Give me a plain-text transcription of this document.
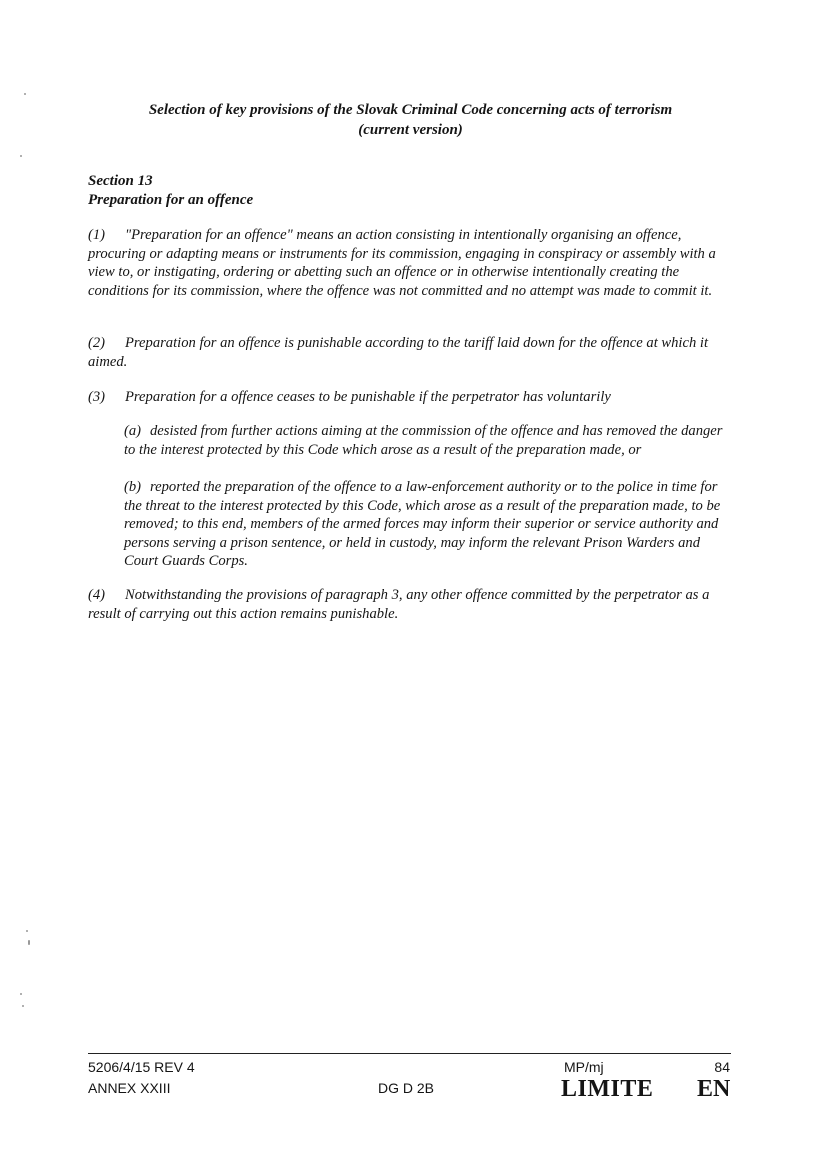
Selection of key provisions of the Slovak Criminal Code concerning acts of terrorism
(current version)
Section 13
Preparation for an offence

(1) "Preparation for an offence" means an action consisting in intentionally organising an offence, procuring or adapting means or instruments for its commission, engaging in conspiracy or assembly with a view to, or instigating, ordering or abetting such an offence or in otherwise intentionally creating the conditions for its commission, where the offence was not committed and no attempt was made to commit it.

(2) Preparation for an offence is punishable according to the tariff laid down for the offence at which it aimed.

(3) Preparation for a offence ceases to be punishable if the perpetrator has voluntarily

(a) desisted from further actions aiming at the commission of the offence and has removed the danger to the interest protected by this Code which arose as a result of the preparation made, or

(b) reported the preparation of the offence to a law-enforcement authority or to the police in time for the threat to the interest protected by this Code, which arose as a result of the preparation made, to be removed; to this end, members of the armed forces may inform their superior or service authority and persons serving a prison sentence, or held in custody, may inform the relevant Prison Warders and Court Guards Corps.

(4) Notwithstanding the provisions of paragraph 3, any other offence committed by the perpetrator as a result of carrying out this action remains punishable.

5206/4/15 REV 4
ANNEX XXIII
MP/mj	84
DG D 2B	LIMITE EN
